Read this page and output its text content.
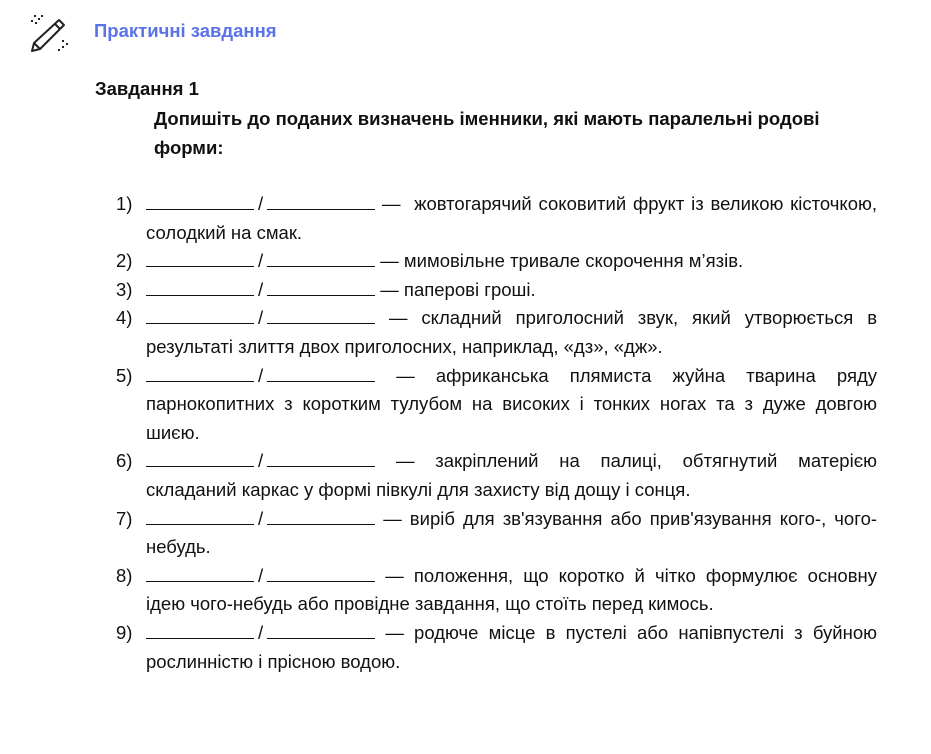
Практичні завдання
Завдання 1
Допишіть до поданих визначень іменники, які мають паралельні родові форми:
1)	/	— жовтогарячий соковитий фрукт із великою кісточкою, солодкий на смак.
2)	/	— мимовільне тривале скорочення м’язів.
3)	/	— паперові гроші.
4)	/	— складний приголосний звук, який утворюється в результаті злиття двох приголосних, наприклад, «дз», «дж».
5)	/	— африканська плямиста жуйна тварина ряду парнокопитних з коротким тулубом на високих і тонких ногах та з дуже довгою шиєю.
6)	/	— закріплений на палиці, обтягнутий матерією складаний каркас у формі півкулі для захисту від дощу і сонця.
7)	/	— виріб для зв'язування або прив'язування кого-, чого-небудь.
8)	/	— положення, що коротко й чітко формулює основну ідею чого-небудь або провідне завдання, що стоїть перед кимось.
9)	/	— родюче місце в пустелі або напівпустелі з буйною рослинністю і прісною водою.
